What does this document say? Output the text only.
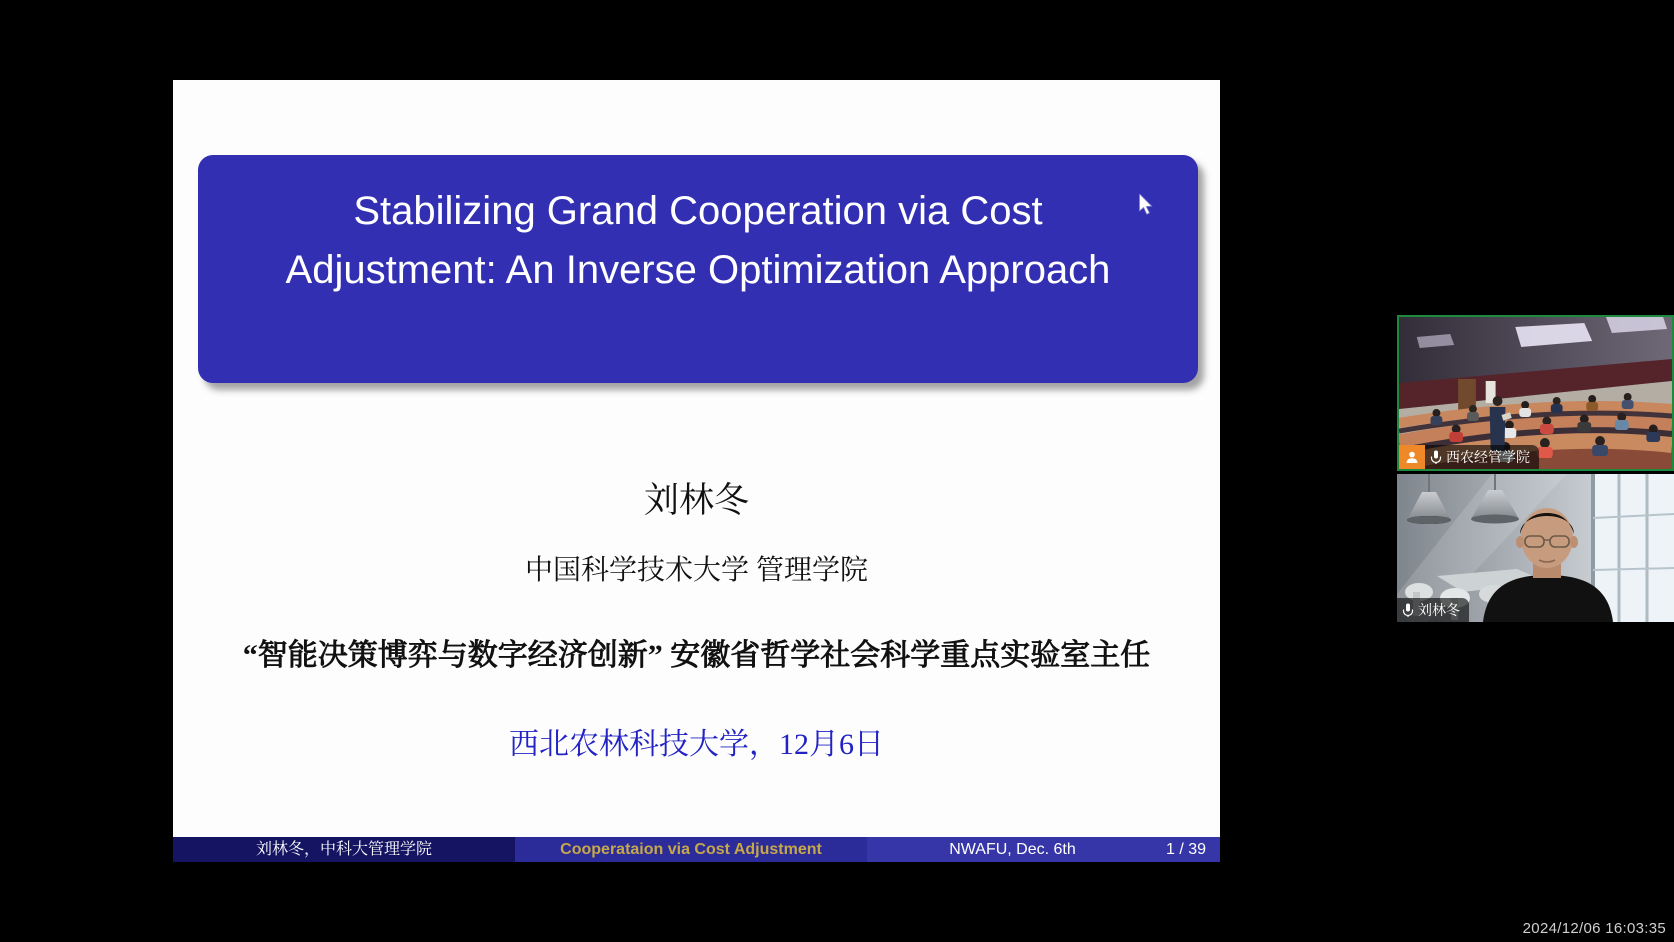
Stabilizing Grand Cooperation via Cost
Adjustment: An Inverse Optimization Approach
刘林冬
中国科学技术大学 管理学院
“智能决策博弈与数字经济创新” 安徽省哲学社会科学重点实验室主任
西北农林科技大学，12月6日
刘林冬，中科大管理学院	Cooperataion via Cost Adjustment	NWAFU, Dec. 6th	1 / 39
西农经管学院
刘林冬
2024/12/06 16:03:35
